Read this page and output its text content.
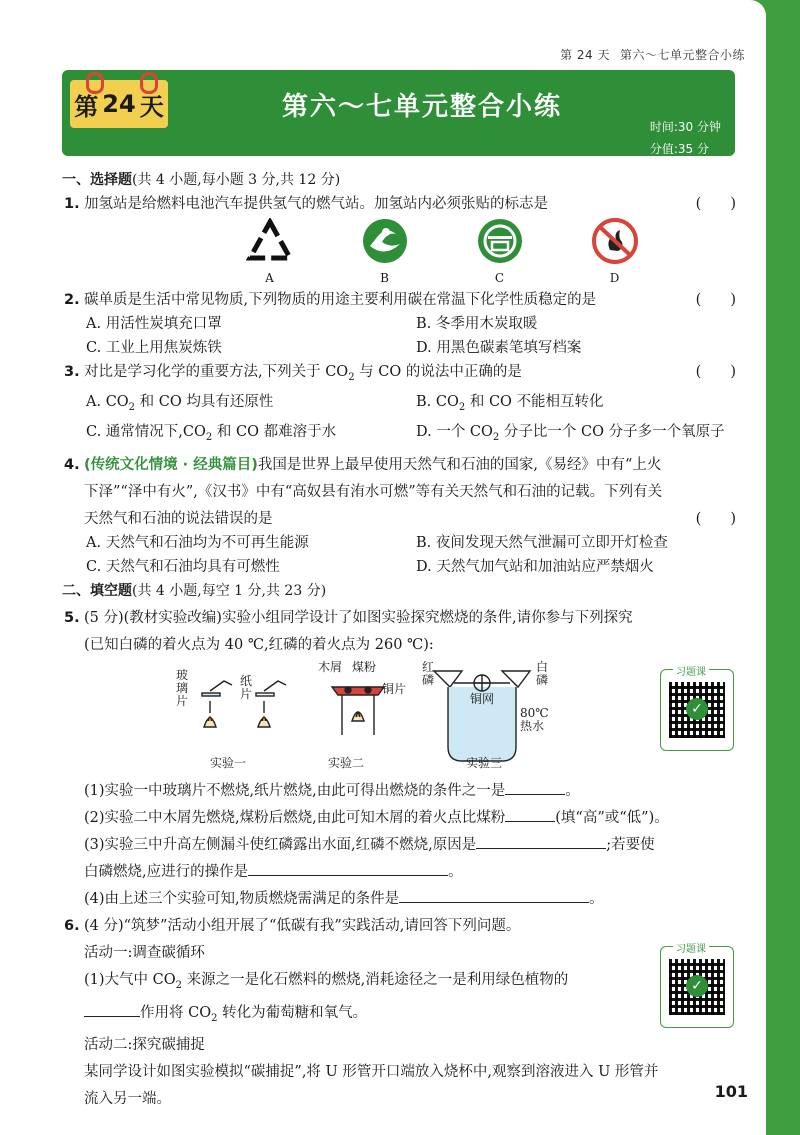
第 24 天 第六～七单元整合小练
第 24 天	第六～七单元整合小练
时间:30 分钟
分值:35 分
一、选择题(共 4 小题,每小题 3 分,共 12 分)
1. 加氢站是给燃料电池汽车提供氢气的燃气站。加氢站内必须张贴的标志是	(　　)
A	B	C	D
2. 碳单质是生活中常见物质,下列物质的用途主要利用碳在常温下化学性质稳定的是	(　　)
A. 用活性炭填充口罩	B. 冬季用木炭取暖
C. 工业上用焦炭炼铁	D. 用黑色碳素笔填写档案
3. 对比是学习化学的重要方法,下列关于 $CO_2$ 与 CO 的说法中正确的是	(　　)
A. $CO_2$ 和 CO 均具有还原性	B. $CO_2$ 和 CO 不能相互转化
C. 通常情况下$,CO_2$ 和 CO 都难溶于水	D. 一个 $CO_2$ 分子比一个 CO 分子多一个氧原子
4. (传统文化情境 · 经典篇目)我国是世界上最早使用天然气和石油的国家,《易经》中有“上火
下泽”“泽中有火”,《汉书》中有“高奴县有洧水可燃”等有关天然气和石油的记载。下列有关
天然气和石油的说法错误的是	(　　)
A. 天然气和石油均为不可再生能源	B. 夜间发现天然气泄漏可立即开灯检查
C. 天然气和石油均具有可燃性	D. 天然气加气站和加油站应严禁烟火
二、填空题(共 4 小题,每空 1 分,共 23 分)
5. (5 分)(教材实验改编)实验小组同学设计了如图实验探究燃烧的条件,请你参与下列探究
(已知白磷的着火点为 40 ℃,红磷的着火点为 260 ℃):
玻璃片
纸片
木屑 煤粉
铜片
红磷
铜网
白磷
80℃热水
实验一	实验二	实验三
习题课
✓
(1)实验一中玻璃片不燃烧,纸片燃烧,由此可得出燃烧的条件之一是	。
(2)实验二中木屑先燃烧,煤粉后燃烧,由此可知木屑的着火点比煤粉	(填“高”或“低”)。
(3)实验三中升高左侧漏斗使红磷露出水面,红磷不燃烧,原因是	;若要使
白磷燃烧,应进行的操作是	。
(4)由上述三个实验可知,物质燃烧需满足的条件是	。
6. (4 分)“筑梦”活动小组开展了“低碳有我”实践活动,请回答下列问题。
活动一:调查碳循环
(1)大气中 $CO_2$ 来源之一是化石燃料的燃烧,消耗途径之一是利用绿色植物的
作用将 $CO_2$ 转化为葡萄糖和氧气。
习题课
✓
活动二:探究碳捕捉
某同学设计如图实验模拟“碳捕捉”,将 U 形管开口端放入烧杯中,观察到溶液进入 U 形管并
流入另一端。	101
